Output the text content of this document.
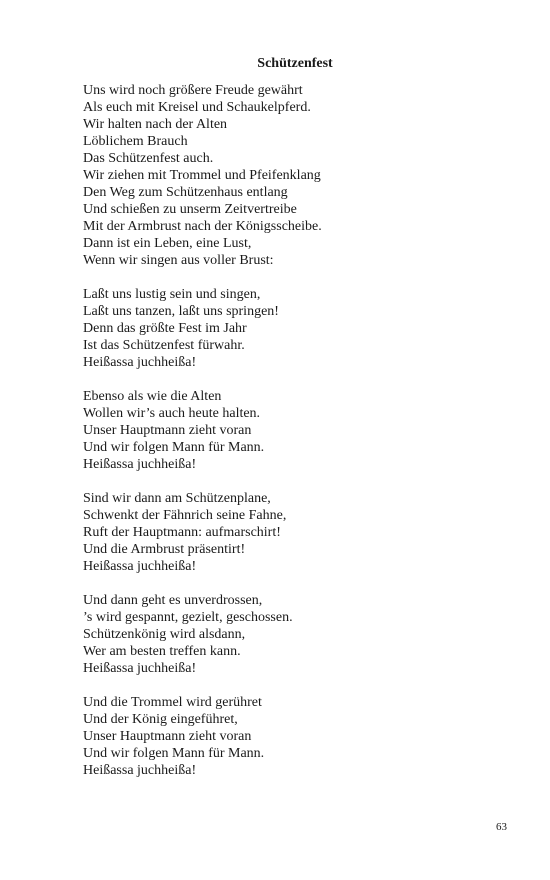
Schützenfest
Uns wird noch größere Freude gewährt
Als euch mit Kreisel und Schaukelpferd.
Wir halten nach der Alten
Löblichem Brauch
Das Schützenfest auch.
Wir ziehen mit Trommel und Pfeifenklang
Den Weg zum Schützenhaus entlang
Und schießen zu unserm Zeitvertreibe
Mit der Armbrust nach der Königsscheibe.
Dann ist ein Leben, eine Lust,
Wenn wir singen aus voller Brust:
Laßt uns lustig sein und singen,
Laßt uns tanzen, laßt uns springen!
Denn das größte Fest im Jahr
Ist das Schützenfest fürwahr.
Heißassa juchheißa!
Ebenso als wie die Alten
Wollen wir’s auch heute halten.
Unser Hauptmann zieht voran
Und wir folgen Mann für Mann.
Heißassa juchheißa!
Sind wir dann am Schützenplane,
Schwenkt der Fähnrich seine Fahne,
Ruft der Hauptmann: aufmarschirt!
Und die Armbrust präsentirt!
Heißassa juchheißa!
Und dann geht es unverdrossen,
’s wird gespannt, gezielt, geschossen.
Schützenkönig wird alsdann,
Wer am besten treffen kann.
Heißassa juchheißa!
Und die Trommel wird gerühret
Und der König eingeführet,
Unser Hauptmann zieht voran
Und wir folgen Mann für Mann.
Heißassa juchheißa!
63
